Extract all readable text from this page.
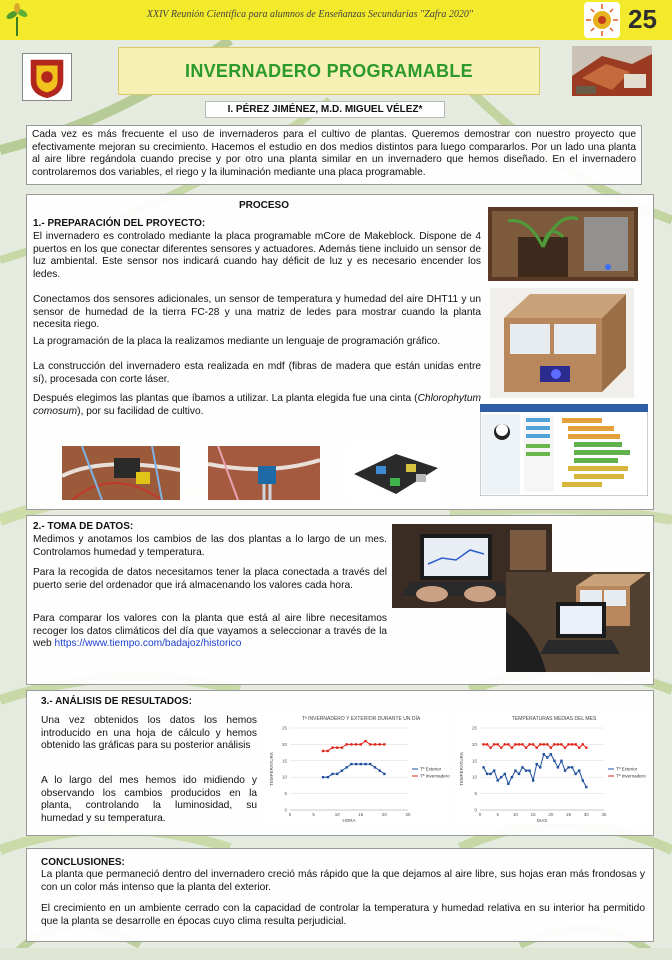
XXIV Reunión Científica para alumnos de Enseñanzas Secundarias "Zafra 2020"	25
INVERNADERO PROGRAMABLE
I. PÉREZ JIMÉNEZ, M.D. MIGUEL VÉLEZ*

Cada vez es más frecuente el uso de invernaderos para el cultivo de plantas. Queremos demostrar con nuestro proyecto que efectivamente mejoran su crecimiento. Hacemos el estudio en dos medios distintos para luego compararlos. Por un lado una planta al aire libre regándola cuando precise y por otro una planta similar en un invernadero que hemos diseñado. En el invernadero controlaremos dos variables, el riego y la iluminación mediante una placa programable.

PROCESO
1.- PREPARACIÓN DEL PROYECTO:

El invernadero es controlado mediante la placa programable mCore de Makeblock. Dispone de 4 puertos en los que conectar diferentes sensores y actuadores. Además tiene incluido un sensor de luz ambiental. Este sensor nos indicará cuando hay déficit de luz y es necesario encender los ledes.

Conectamos dos sensores adicionales, un sensor de temperatura y humedad del aire DHT11 y un sensor de humedad de la tierra FC-28 y una matriz de ledes para mostrar cuando la planta necesita riego.

La programación de la placa la realizamos mediante un lenguaje de programación gráfico.

La construcción del invernadero esta realizada en mdf (fibras de madera que están unidas entre sí), procesada con corte láser.

Después elegimos las plantas que íbamos a utilizar. La planta elegida fue una cinta (Chlorophytum comosum), por su facilidad de cultivo.

2.- TOMA DE DATOS:

Medimos y anotamos los cambios de las dos plantas a lo largo de un mes. Controlamos humedad y temperatura.

Para la recogida de datos necesitamos tener la placa conectada a través del puerto serie del ordenador que irá almacenando los valores cada hora.

Para comparar los valores con la planta que está al aire libre necesitamos recoger los datos climáticos del día que vayamos a seleccionar a través de la web https://www.tiempo.com/badajoz/historico

3.- ANÁLISIS DE RESULTADOS:

Una vez obtenidos los datos los hemos introducido en una hoja de cálculo y hemos obtenido las gráficas para su posterior análisis

A lo largo del mes hemos ido midiendo y observando los cambios producidos en la planta, controlando la luminosidad, su humedad y su temperatura.

Tª INVERNADERO Y EXTERIOR DURANTE UN DÍA
0
5
10
15
20
25
0	5	10	15	20	25
HORA
TEMPERATURA	Tª Exterior
Tª Invernadero
TEMPERATURAS MEDIAS DEL MES
0
5
10
15
20
25
0	5	10	15	20	25	30	35
DIAS
TEMPERATURA	Tª Exterior
Tª Invernadero
CONCLUSIONES:

La planta que permaneció dentro del invernadero creció más rápido que la que dejamos al aire libre, sus hojas eran más frondosas y con un color más intenso que la planta del exterior.

El crecimiento en un ambiente cerrado con la capacidad de controlar la temperatura y humedad relativa en su interior ha permitido que la planta se desarrolle en épocas cuyo clima resulta perjudicial.
